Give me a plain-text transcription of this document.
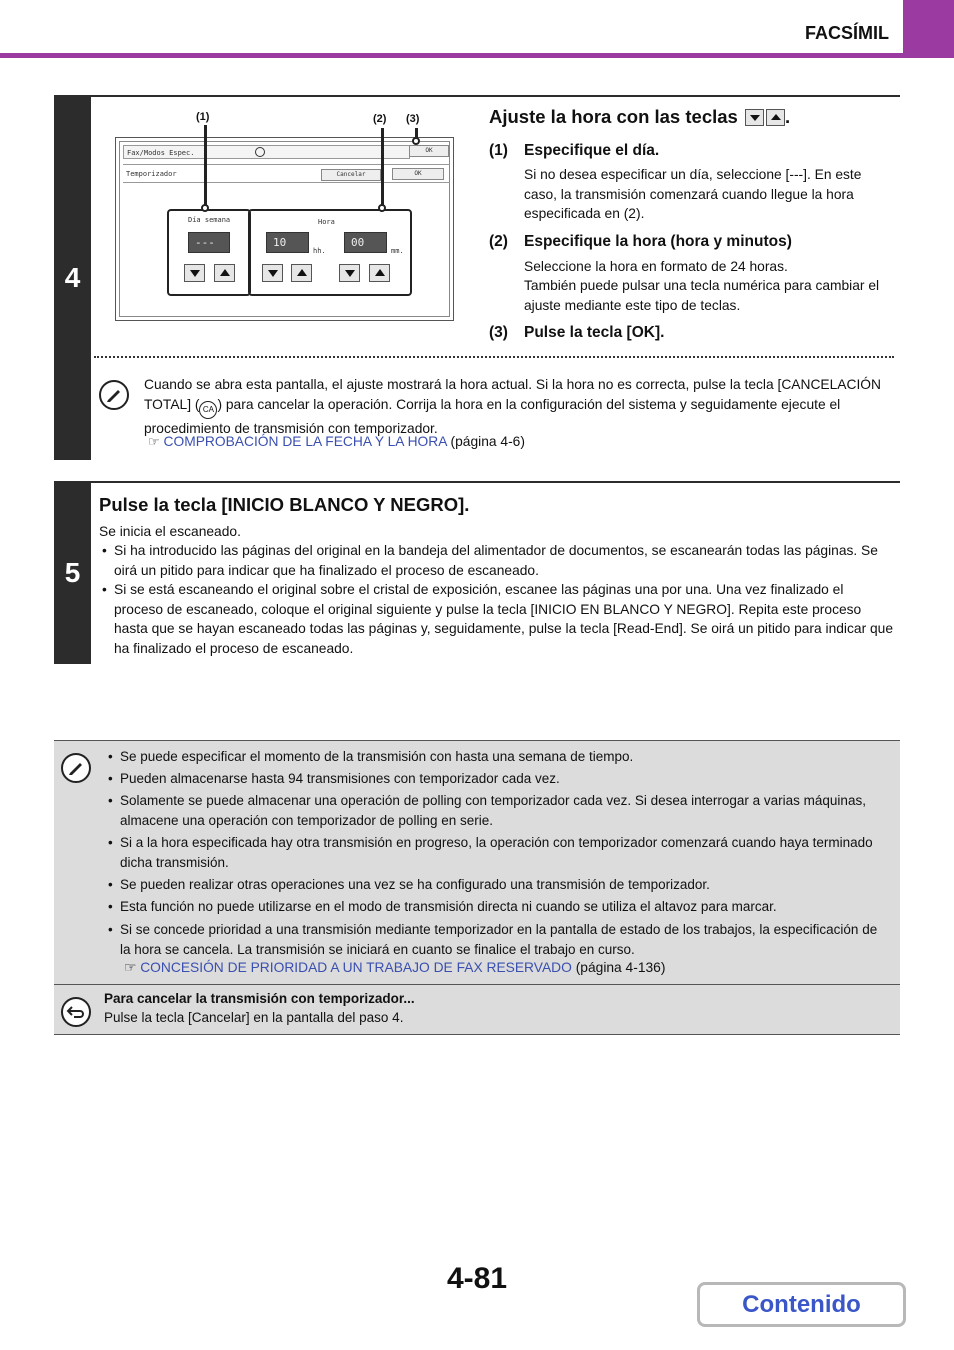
FACSÍMIL
4
(1)	(2) (3)
Fax/Modos Espec.	OK
Temporizador	Cancelar	OK
Día semana
---
Hora
10
hh.
00
mm.
Ajuste la hora con las teclas	.
(1) Especifique el día.
Si no desea especificar un día, seleccione [---]. En este caso, la transmisión comenzará cuando llegue la hora especificada en (2).
(2) Especifique la hora (hora y minutos)
Seleccione la hora en formato de 24 horas.
También puede pulsar una tecla numérica para cambiar el ajuste mediante este tipo de teclas.
(3) Pulse la tecla [OK].
Cuando se abra esta pantalla, el ajuste mostrará la hora actual. Si la hora no es correcta, pulse la tecla [CANCELACIÓN TOTAL] ( CA ) para cancelar la operación. Corrija la hora en la configuración del sistema y seguidamente ejecute el procedimiento de transmisión con temporizador.
☞ COMPROBACIÓN DE LA FECHA Y LA HORA (página 4-6)
5
Pulse la tecla [INICIO BLANCO Y NEGRO].
Se inicia el escaneado.
• Si ha introducido las páginas del original en la bandeja del alimentador de documentos, se escanearán todas las páginas. Se oirá un pitido para indicar que ha finalizado el proceso de escaneado.
• Si se está escaneando el original sobre el cristal de exposición, escanee las páginas una por una. Una vez finalizado el proceso de escaneado, coloque el original siguiente y pulse la tecla [INICIO EN BLANCO Y NEGRO]. Repita este proceso hasta que se hayan escaneado todas las páginas y, seguidamente, pulse la tecla [Read-End]. Se oirá un pitido para indicar que ha finalizado el proceso de escaneado.
• Se puede especificar el momento de la transmisión con hasta una semana de tiempo.
• Pueden almacenarse hasta 94 transmisiones con temporizador cada vez.
• Solamente se puede almacenar una operación de polling con temporizador cada vez. Si desea interrogar a varias máquinas, almacene una operación con temporizador de polling en serie.
• Si a la hora especificada hay otra transmisión en progreso, la operación con temporizador comenzará cuando haya terminado dicha transmisión.
• Se pueden realizar otras operaciones una vez se ha configurado una transmisión de temporizador.
• Esta función no puede utilizarse en el modo de transmisión directa ni cuando se utiliza el altavoz para marcar.
• Si se concede prioridad a una transmisión mediante temporizador en la pantalla de estado de los trabajos, la especificación de la hora se cancela. La transmisión se iniciará en cuanto se finalice el trabajo en curso.
☞ CONCESIÓN DE PRIORIDAD A UN TRABAJO DE FAX RESERVADO (página 4-136)
Para cancelar la transmisión con temporizador...
Pulse la tecla [Cancelar] en la pantalla del paso 4.
4-81
Contenido
